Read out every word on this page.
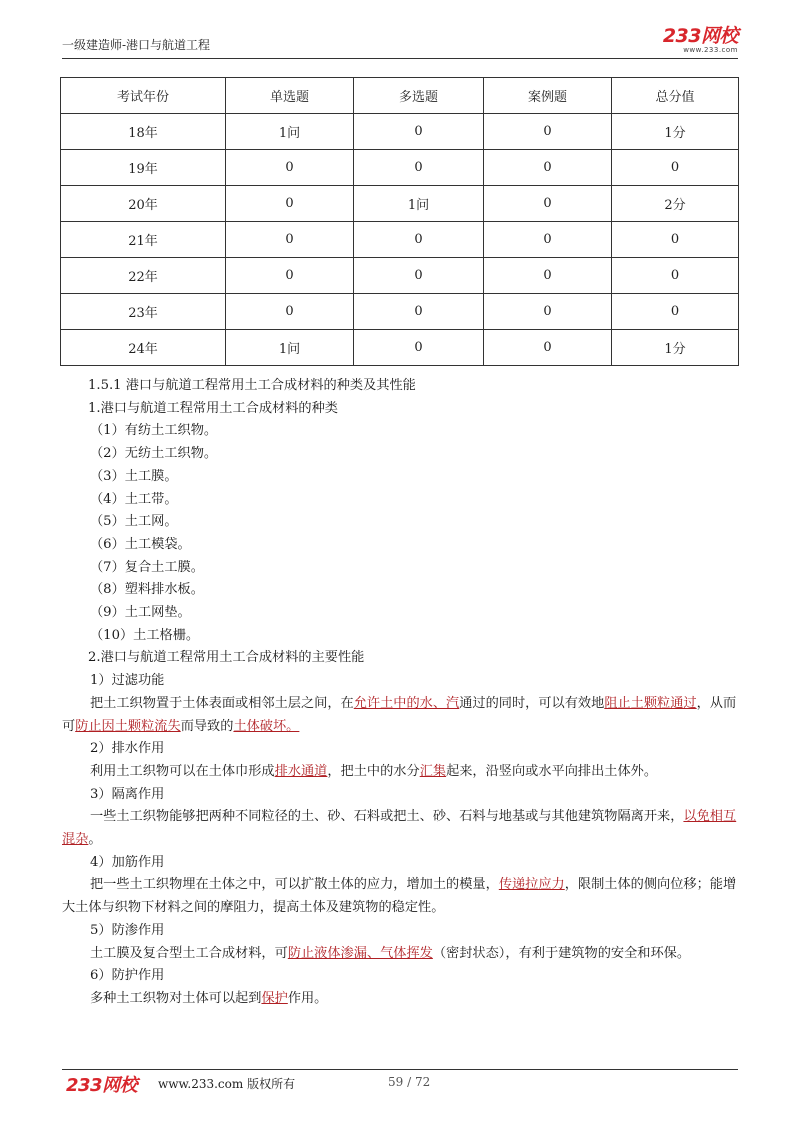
一级建造师-港口与航道工程	233网校
www.233.com
考试年份	单选题	多选题	案例题	总分值
18年	1问	0	0	1分
19年	0	0	0	0
20年	0	1问	0	2分
21年	0	0	0	0
22年	0	0	0	0
23年	0	0	0	0
24年	1问	0	0	1分

1.5.1 港口与航道工程常用土工合成材料的种类及其性能

1.港口与航道工程常用土工合成材料的种类

（1）有纺土工织物。

（2）无纺土工织物。

（3）土工膜。

（4）土工带。

（5）土工网。

（6）土工模袋。

（7）复合土工膜。

（8）塑料排水板。

（9）土工网垫。

（10）土工格栅。

2.港口与航道工程常用土工合成材料的主要性能

1）过滤功能

把土工织物置于土体表面或相邻土层之间，在允许土中的水、汽通过的同时，可以有效地阻止土颗粒通过，从而可防止因土颗粒流失而导致的土体破坏。

2）排水作用

利用土工织物可以在土体巾形成排水通道，把土中的水分汇集起来，沿竖向或水平向排出土体外。

3）隔离作用

一些土工织物能够把两种不同粒径的土、砂、石料或把土、砂、石料与地基或与其他建筑物隔离开来，以免相互混杂。

4）加筋作用

把一些土工织物埋在土体之中，可以扩散土体的应力，增加土的模量，传递拉应力，限制土体的侧向位移；能增大土体与织物下材料之间的摩阻力，提高土体及建筑物的稳定性。

5）防渗作用

土工膜及复合型土工合成材料，可防止液体渗漏、气体挥发（密封状态），有利于建筑物的安全和环保。

6）防护作用

多种土工织物对土体可以起到保护作用。

233网校 www.233.com 版权所有	59 / 72
